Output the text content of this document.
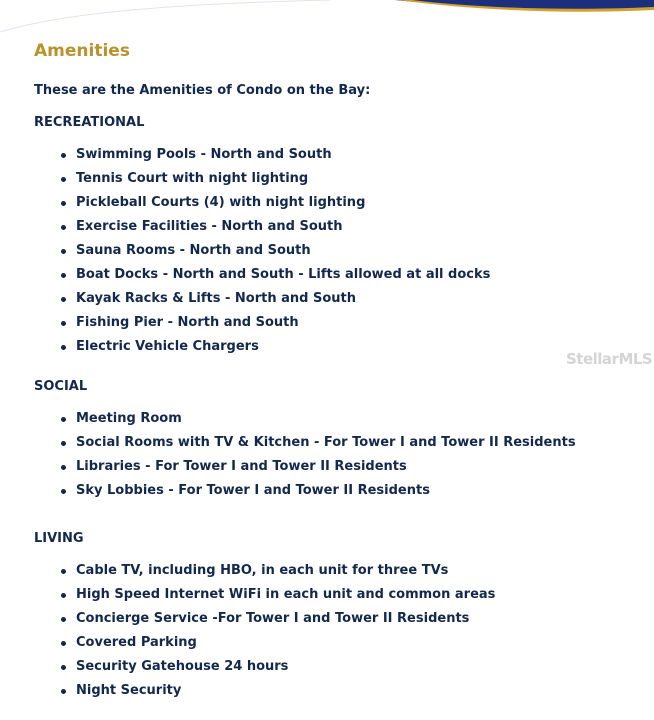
Amenities

These are the Amenities of Condo on the Bay:

RECREATIONAL
Swimming Pools - North and South
Tennis Court with night lighting
Pickleball Courts (4) with night lighting
Exercise Facilities - North and South
Sauna Rooms - North and South
Boat Docks - North and South - Lifts allowed at all docks
Kayak Racks & Lifts - North and South
Fishing Pier - North and South
Electric Vehicle Chargers
SOCIAL
Meeting Room
Social Rooms with TV & Kitchen - For Tower I and Tower II Residents
Libraries - For Tower I and Tower II Residents
Sky Lobbies - For Tower I and Tower II Residents
LIVING
Cable TV, including HBO, in each unit for three TVs
High Speed Internet WiFi in each unit and common areas
Concierge Service -For Tower I and Tower II Residents
Covered Parking
Security Gatehouse 24 hours
Night Security
StellarMLS
